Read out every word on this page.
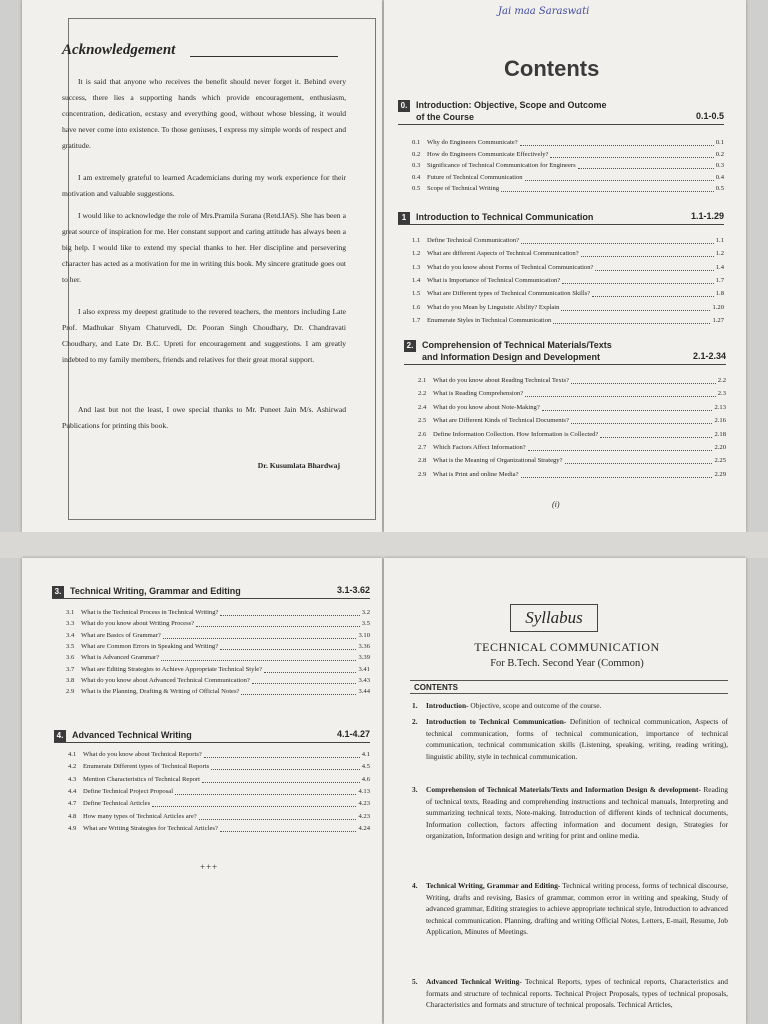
Acknowledgement
It is said that anyone who receives the benefit should never forget it. Behind every success, there lies a supporting hands which provide encouragement, enthusiasm, concentration, dedication, ecstasy and everything good, without whose blessing, it would have never come into existence. To those geniuses, I express my simple words of respect and gratitude.
I am extremely grateful to learned Academicians during my work experience for their motivation and valuable suggestions.
I would like to acknowledge the role of Mrs.Pramila Surana (Retd.IAS). She has been a great source of inspiration for me. Her constant support and caring attitude has always been a big help. I would like to extend my special thanks to her. Her discipline and persevering character has acted as a motivation for me in writing this book. My sincere gratitude goes out to her.
I also express my deepest gratitude to the revered teachers, the mentors including Late Prof. Madhukar Shyam Chaturvedi, Dr. Pooran Singh Choudhary, Dr. Chandravati Choudhary, and Late Dr. B.C. Upreti for encouragement and suggestions. I am greatly indebted to my family members, friends and relatives for their great moral support.
And last but not the least, I owe special thanks to Mr. Puneet Jain M/s. Ashirwad Publications for printing this book.
Dr. Kusumlata Bhardwaj
Jai maa Saraswati
Contents
(i)
+++
0. Introduction: Objective, Scope and Outcome
of the Course	0.1-0.5
0.1 Why do Engineers Communicate?	0.1
0.2 How do Engineers Communicate Effectively?	0.2
0.3 Significance of Technical Communication for Engineers	0.3
0.4 Future of Technical Communication	0.4
0.5 Scope of Technical Writing	0.5
1	Introduction to Technical Communication	1.1-1.29
1.1 Define Technical Communication?	1.1
1.2 What are different Aspects of Technical Communication?	1.2
1.3 What do you know about Forms of Technical Communication?	1.4
1.4 What is Importance of Technical Communication?	1.7
1.5 What are Different types of Technical Communication Skills?	1.8
1.6 What do you Mean by Linguistic Ability? Explain	1.20
1.7 Enumerate Styles in Technical Communication	1.27
2. Comprehension of Technical Materials/Texts
and Information Design and Development	2.1-2.34
2.1 What do you know about Reading Technical Texts?	2.2
2.2 What is Reading Comprehension?	2.3
2.4 What do you know about Note-Making?	2.13
2.5 What are Different Kinds of Technical Documents?	2.16
2.6 Define Information Collection. How Information is Collected?	2.18
2.7 Which Factors Affect Information?	2.20
2.8 What is the Meaning of Organizational Strategy?	2.25
2.9 What is Print and online Media?	2.29
3. Technical Writing, Grammar and Editing	3.1-3.62
3.1 What is the Technical Process in Technical Writing?	3.2
3.3 What do you know about Writing Process?	3.5
3.4 What are Basics of Grammar?	3.10
3.5 What are Common Errors in Speaking and Writing?	3.36
3.6 What is Advanced Grammar?	3.39
3.7 What are Editing Strategies to Achieve Appropriate Technical Style?	3.41
3.8 What do you know about Advanced Technical Communication?	3.43
2.9 What is the Planning, Drafting & Writing of Official Notes?	3.44
4. Advanced Technical Writing	4.1-4.27
4.1 What do you know about Technical Reports?	4.1
4.2 Enumerate Different types of Technical Reports	4.5
4.3 Mention Characteristics of Technical Report	4.6
4.4 Define Technical Project Proposal	4.13
4.7 Define Technical Articles	4.23
4.8 How many types of Technical Articles are?	4.23
4.9 What are Writing Strategies for Technical Articles?	4.24
Syllabus
TECHNICAL COMMUNICATION
For B.Tech. Second Year (Common)
CONTENTS
1. Introduction- Objective, scope and outcome of the course.
2. Introduction to Technical Communication- Definition of technical communication, Aspects of technical communication, forms of technical communication, importance of technical communication, technical communication skills (Listening, speaking, writing, reading writing), linguistic ability, style in technical communication.
3. Comprehension of Technical Materials/Texts and Information Design & development- Reading of technical texts, Reading and comprehending instructions and technical manuals, Interpreting and summarizing technical texts, Note-making. Introduction of different kinds of technical documents, Information collection, factors affecting information and document design, Strategies for organization, Information design and writing for print and online media.
4. Technical Writing, Grammar and Editing- Technical writing process, forms of technical discourse, Writing, drafts and revising, Basics of grammar, common error in writing and speaking, Study of advanced grammar, Editing strategies to achieve appropriate technical style, Introduction to advanced technical communication. Planning, drafting and writing Official Notes, Letters, E-mail, Resume, Job Application, Minutes of Meetings.
5. Advanced Technical Writing- Technical Reports, types of technical reports, Characteristics and formats and structure of technical reports. Technical Project Proposals, types of technical proposals, Characteristics and formats and structure of technical proposals. Technical Articles,
